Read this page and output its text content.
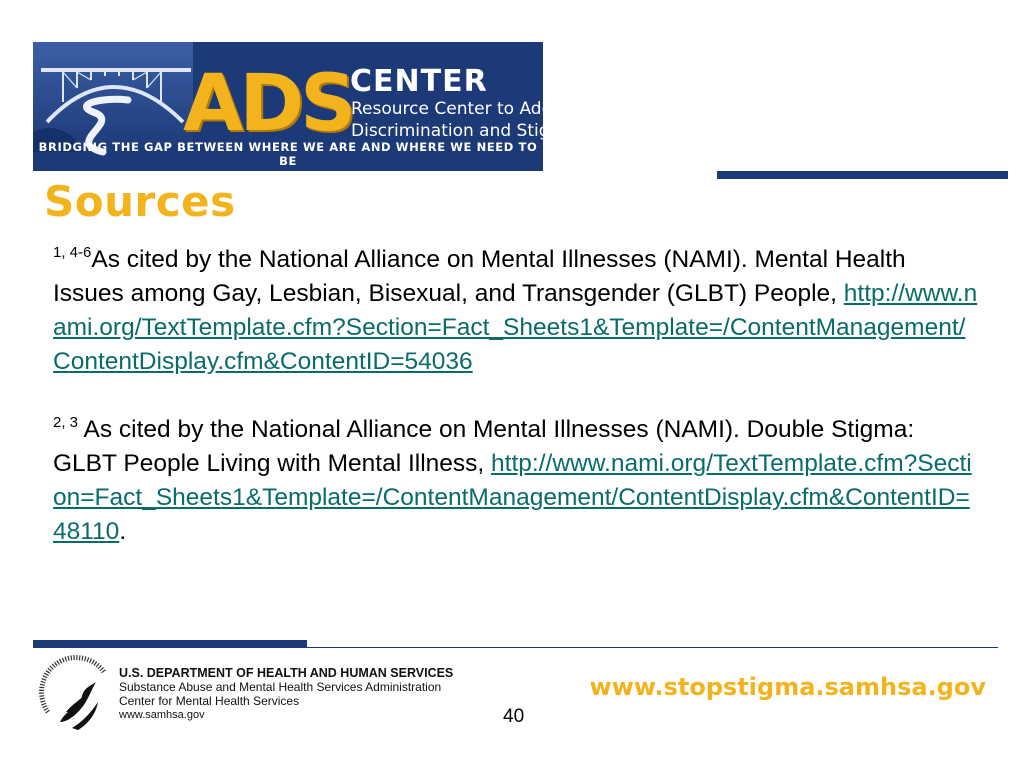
ADS
CENTER
Resource Center to Address
Discrimination and Stigma
BRIDGING THE GAP BETWEEN WHERE WE ARE AND WHERE WE NEED TO BE
Sources

$^{1, 4-6}$As cited by the National Alliance on Mental Illnesses (NAMI). Mental Health Issues among Gay, Lesbian, Bisexual, and Transgender (GLBT) People, http://www.nami.org/TextTemplate.cfm?Section=Fact_Sheets1&Template=/ContentManagement/ContentDisplay.cfm&ContentID=54036

$^{2, 3}$ As cited by the National Alliance on Mental Illnesses (NAMI). Double Stigma: GLBT People Living with Mental Illness, http://www.nami.org/TextTemplate.cfm?Section=Fact_Sheets1&Template=/ContentManagement/ContentDisplay.cfm&ContentID=48110.

U.S. DEPARTMENT OF HEALTH AND HUMAN SERVICES
Substance Abuse and Mental Health Services Administration
Center for Mental Health Services
www.samhsa.gov
www.stopstigma.samhsa.gov
40
